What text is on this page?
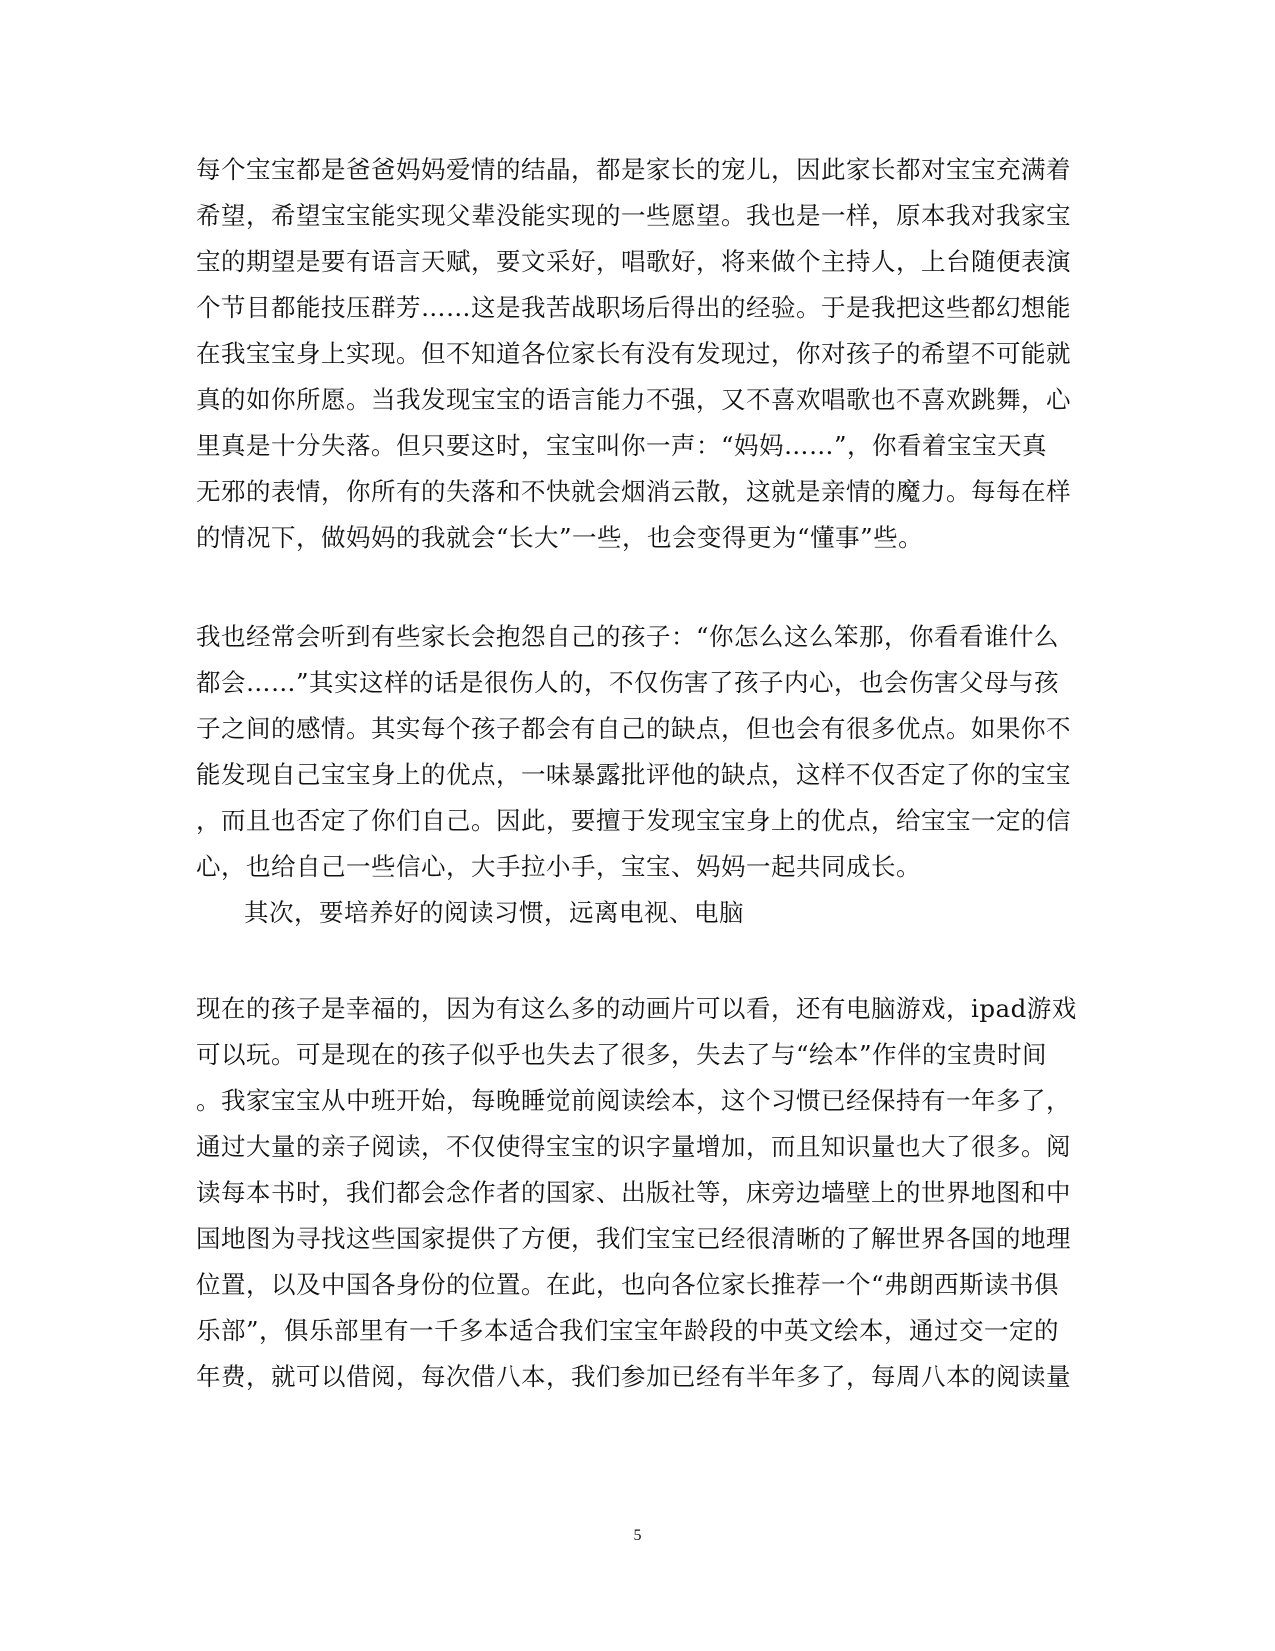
每个宝宝都是爸爸妈妈爱情的结晶，都是家长的宠儿，因此家长都对宝宝充满着
希望，希望宝宝能实现父辈没能实现的一些愿望。我也是一样，原本我对我家宝
宝的期望是要有语言天赋，要文采好，唱歌好，将来做个主持人，上台随便表演
个节目都能技压群芳……这是我苦战职场后得出的经验。于是我把这些都幻想能
在我宝宝身上实现。但不知道各位家长有没有发现过，你对孩子的希望不可能就
真的如你所愿。当我发现宝宝的语言能力不强，又不喜欢唱歌也不喜欢跳舞，心
里真是十分失落。但只要这时，宝宝叫你一声：“妈妈……”，你看着宝宝天真
无邪的表情，你所有的失落和不快就会烟消云散，这就是亲情的魔力。每每在样
的情况下，做妈妈的我就会“长大”一些，也会变得更为“懂事”些。
我也经常会听到有些家长会抱怨自己的孩子：“你怎么这么笨那，你看看谁什么
都会……”其实这样的话是很伤人的，不仅伤害了孩子内心，也会伤害父母与孩
子之间的感情。其实每个孩子都会有自己的缺点，但也会有很多优点。如果你不
能发现自己宝宝身上的优点，一味暴露批评他的缺点，这样不仅否定了你的宝宝
，而且也否定了你们自己。因此，要擅于发现宝宝身上的优点，给宝宝一定的信
心，也给自己一些信心，大手拉小手，宝宝、妈妈一起共同成长。
其次，要培养好的阅读习惯，远离电视、电脑
现在的孩子是幸福的，因为有这么多的动画片可以看，还有电脑游戏，ipad游戏
可以玩。可是现在的孩子似乎也失去了很多，失去了与“绘本”作伴的宝贵时间
。我家宝宝从中班开始，每晚睡觉前阅读绘本，这个习惯已经保持有一年多了，
通过大量的亲子阅读，不仅使得宝宝的识字量增加，而且知识量也大了很多。阅
读每本书时，我们都会念作者的国家、出版社等，床旁边墙壁上的世界地图和中
国地图为寻找这些国家提供了方便，我们宝宝已经很清晰的了解世界各国的地理
位置，以及中国各身份的位置。在此，也向各位家长推荐一个“弗朗西斯读书俱
乐部”，俱乐部里有一千多本适合我们宝宝年龄段的中英文绘本，通过交一定的
年费，就可以借阅，每次借八本，我们参加已经有半年多了，每周八本的阅读量
5
